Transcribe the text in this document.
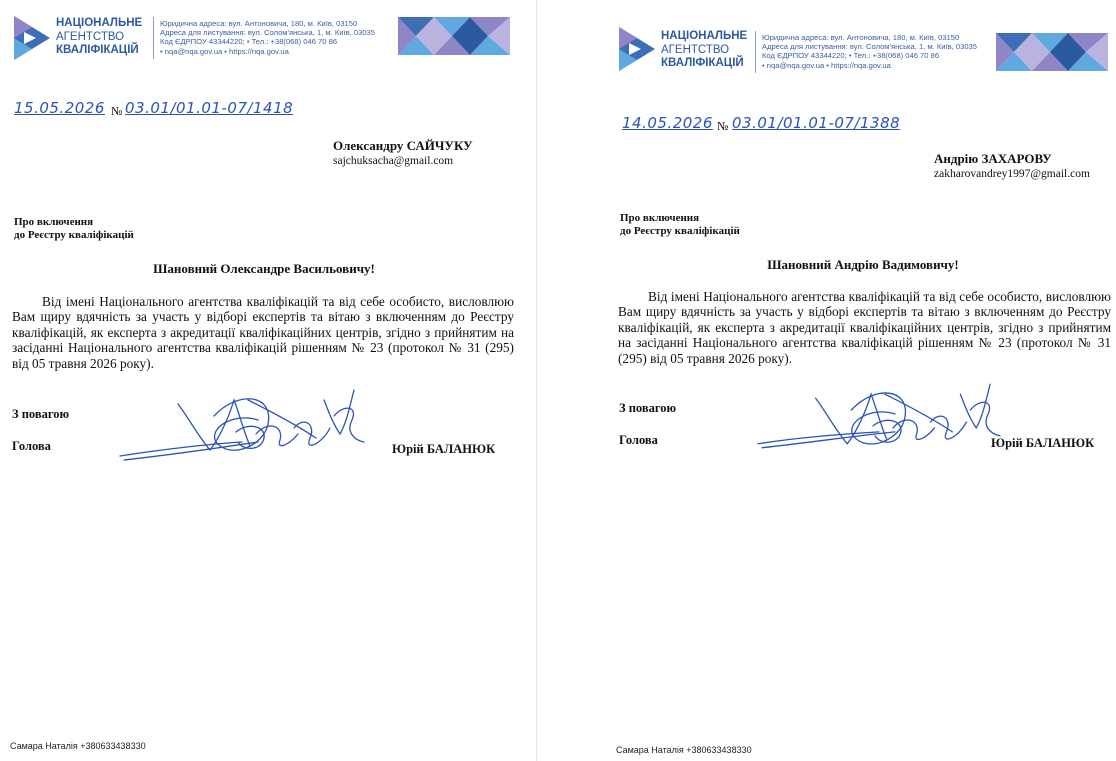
НАЦІОНАЛЬНЕ
АГЕНТСТВО
КВАЛІФІКАЦІЙ
Юридична адреса: вул. Антоновича, 180, м. Київ, 03150
Адреса для листування: вул. Солом'янська, 1, м. Київ, 03035
Код ЄДРПОУ 43344220; • Тел.: +38(068) 046 70 86
• nqa@nqa.gov.ua • https://nqa.gov.ua
15.05.2026 № 03.01/01.01-07/1418
Олександру САЙЧУКУ
sajchuksacha@gmail.com
Про включення
до Реєстру кваліфікацій
Шановний Олександре Васильовичу!
Від імені Національного агентства кваліфікацій та від себе особисто, висловлюю Вам щиру вдячність за участь у відборі експертів та вітаю з включенням до Реєстру кваліфікацій, як експерта з акредитації кваліфікаційних центрів, згідно з прийнятим на засіданні Національного агентства кваліфікацій рішенням № 23 (протокол № 31 (295) від 05 травня 2026 року).
З повагою
Голова	Юрій БАЛАНЮК
Самара Наталія +380633438330
НАЦІОНАЛЬНЕ
АГЕНТСТВО
КВАЛІФІКАЦІЙ
Юридична адреса: вул. Антоновича, 180, м. Київ, 03150
Адреса для листування: вул. Солом'янська, 1, м. Київ, 03035
Код ЄДРПОУ 43344220; • Тел.: +38(068) 046 70 86
• nqa@nqa.gov.ua • https://nqa.gov.ua
14.05.2026 № 03.01/01.01-07/1388
Андрію ЗАХАРОВУ
zakharovandrey1997@gmail.com
Про включення
до Реєстру кваліфікацій
Шановний Андрію Вадимовичу!
Від імені Національного агентства кваліфікацій та від себе особисто, висловлюю Вам щиру вдячність за участь у відборі експертів та вітаю з включенням до Реєстру кваліфікацій, як експерта з акредитації кваліфікаційних центрів, згідно з прийнятим на засіданні Національного агентства кваліфікацій рішенням № 23 (протокол № 31 (295) від 05 травня 2026 року).
З повагою
Голова	Юрій БАЛАНЮК
Самара Наталія +380633438330
